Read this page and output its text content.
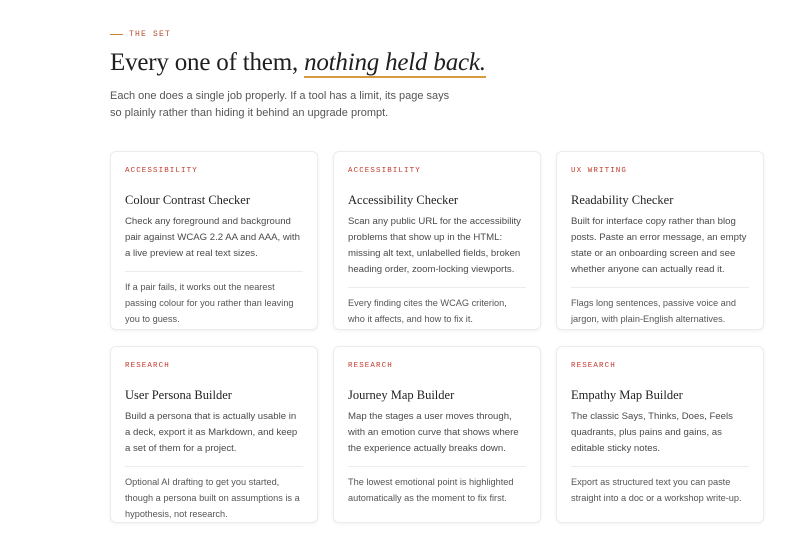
THE SET
Every one of them, nothing held back.

Each one does a single job properly. If a tool has a limit, its page says so plainly rather than hiding it behind an upgrade prompt.

ACCESSIBILITY
Colour Contrast Checker
Check any foreground and background pair against WCAG 2.2 AA and AAA, with a live preview at real text sizes.
If a pair fails, it works out the nearest passing colour for you rather than leaving you to guess.
ACCESSIBILITY
Accessibility Checker
Scan any public URL for the accessibility problems that show up in the HTML: missing alt text, unlabelled fields, broken heading order, zoom-locking viewports.
Every finding cites the WCAG criterion, who it affects, and how to fix it.
UX WRITING
Readability Checker
Built for interface copy rather than blog posts. Paste an error message, an empty state or an onboarding screen and see whether anyone can actually read it.
Flags long sentences, passive voice and jargon, with plain-English alternatives.
RESEARCH
User Persona Builder
Build a persona that is actually usable in a deck, export it as Markdown, and keep a set of them for a project.
Optional AI drafting to get you started, though a persona built on assumptions is a hypothesis, not research.
RESEARCH
Journey Map Builder
Map the stages a user moves through, with an emotion curve that shows where the experience actually breaks down.
The lowest emotional point is highlighted automatically as the moment to fix first.
RESEARCH
Empathy Map Builder
The classic Says, Thinks, Does, Feels quadrants, plus pains and gains, as editable sticky notes.
Export as structured text you can paste straight into a doc or a workshop write-up.
